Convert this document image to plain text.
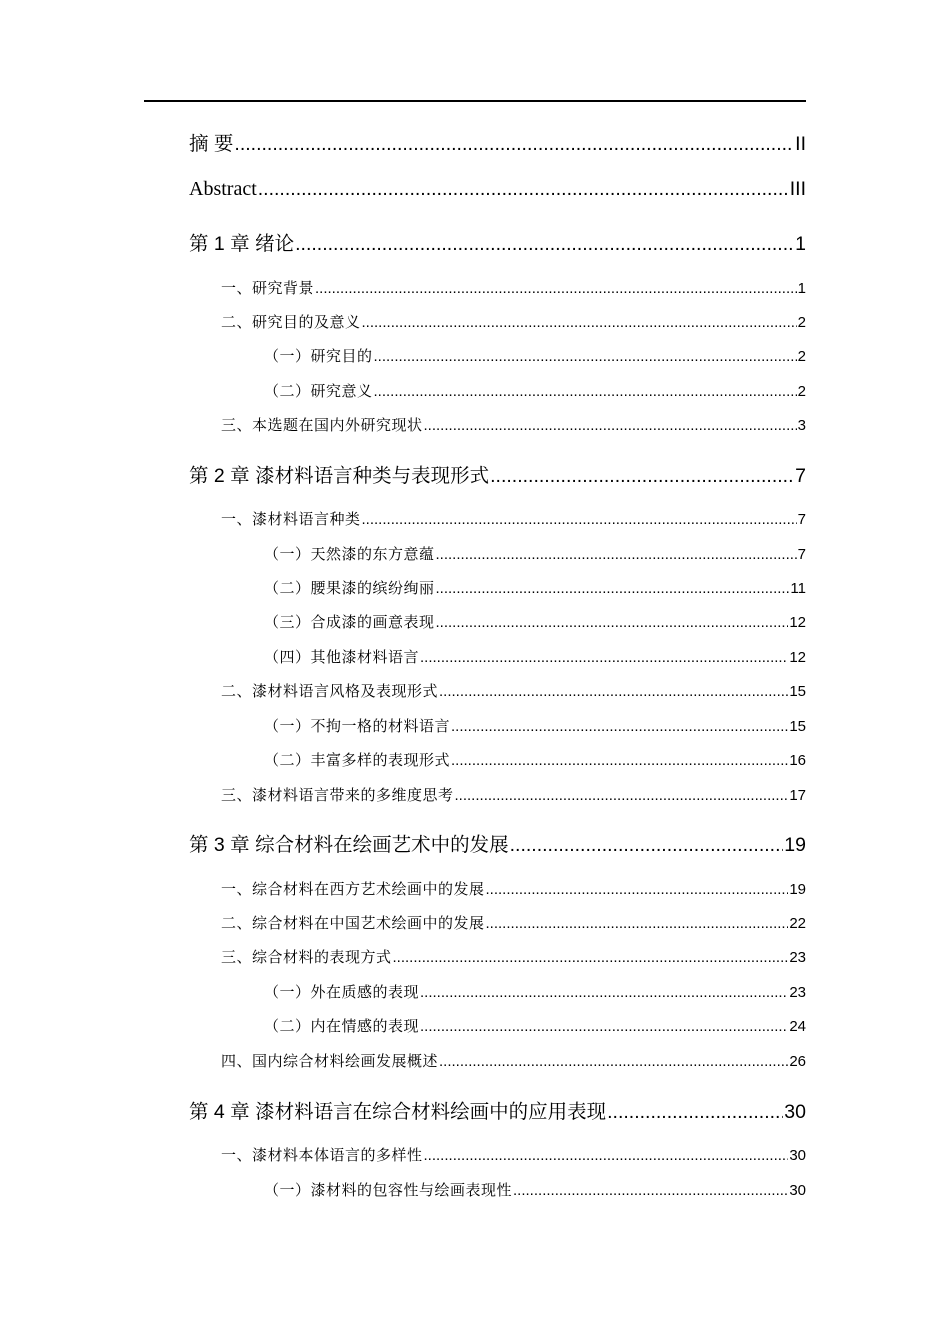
摘 要 .....	II
Abstract .....	III
第 1 章 绪论 .....	1
一、研究背景 .....	1
二、研究目的及意义 .....	2
（一）研究目的 .....	2
（二）研究意义 .....	2
三、本选题在国内外研究现状 .....	3
第 2 章 漆材料语言种类与表现形式 .....	7
一、漆材料语言种类 .....	7
（一）天然漆的东方意蕴 .....	7
（二）腰果漆的缤纷绚丽 .....	11
（三）合成漆的画意表现 .....	12
（四）其他漆材料语言 .....	12
二、漆材料语言风格及表现形式 .....	15
（一）不拘一格的材料语言 .....	15
（二）丰富多样的表现形式 .....	16
三、漆材料语言带来的多维度思考 .....	17
第 3 章 综合材料在绘画艺术中的发展 .....	19
一、综合材料在西方艺术绘画中的发展 .....	19
二、综合材料在中国艺术绘画中的发展 .....	22
三、综合材料的表现方式 .....	23
（一）外在质感的表现 .....	23
（二）内在情感的表现 .....	24
四、国内综合材料绘画发展概述 .....	26
第 4 章 漆材料语言在综合材料绘画中的应用表现 .....	30
一、漆材料本体语言的多样性 .....	30
（一）漆材料的包容性与绘画表现性 .....	30
